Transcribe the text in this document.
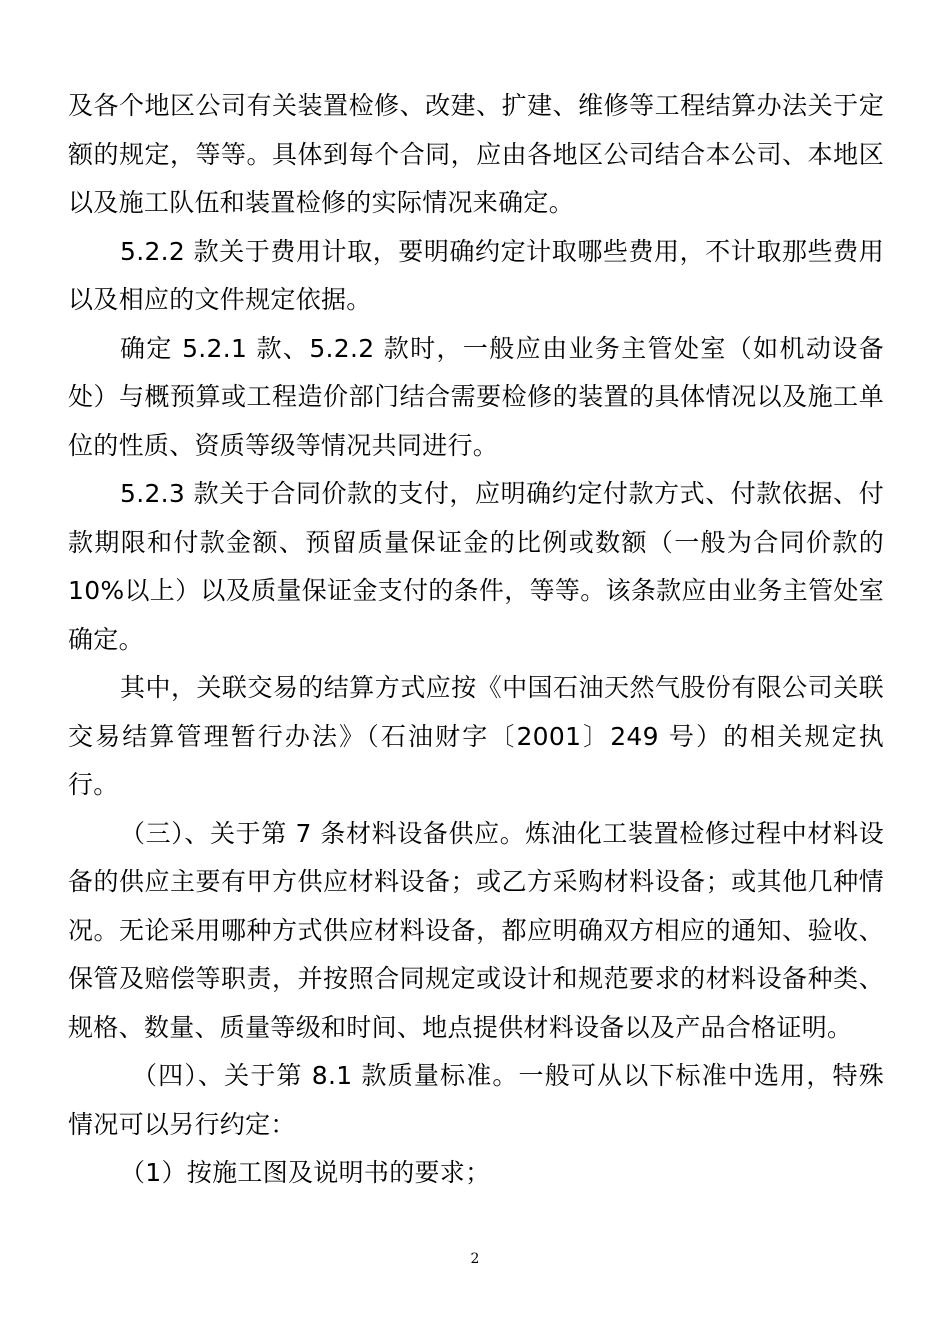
及各个地区公司有关装置检修、改建、扩建、维修等工程结算办法关于定额的规定，等等。具体到每个合同，应由各地区公司结合本公司、本地区以及施工队伍和装置检修的实际情况来确定。

5.2.2 款关于费用计取，要明确约定计取哪些费用，不计取那些费用以及相应的文件规定依据。

确定 5.2.1 款、5.2.2 款时，一般应由业务主管处室（如机动设备处）与概预算或工程造价部门结合需要检修的装置的具体情况以及施工单位的性质、资质等级等情况共同进行。

5.2.3 款关于合同价款的支付，应明确约定付款方式、付款依据、付款期限和付款金额、预留质量保证金的比例或数额（一般为合同价款的10%以上）以及质量保证金支付的条件，等等。该条款应由业务主管处室确定。

其中，关联交易的结算方式应按《中国石油天然气股份有限公司关联交易结算管理暂行办法》（石油财字〔2001〕249 号）的相关规定执行。

（三）、关于第 7 条材料设备供应。炼油化工装置检修过程中材料设备的供应主要有甲方供应材料设备；或乙方采购材料设备；或其他几种情况。无论采用哪种方式供应材料设备，都应明确双方相应的通知、验收、保管及赔偿等职责，并按照合同规定或设计和规范要求的材料设备种类、规格、数量、质量等级和时间、地点提供材料设备以及产品合格证明。

（四）、关于第 8.1 款质量标准。一般可从以下标准中选用，特殊情况可以另行约定：

（1）按施工图及说明书的要求；

2
